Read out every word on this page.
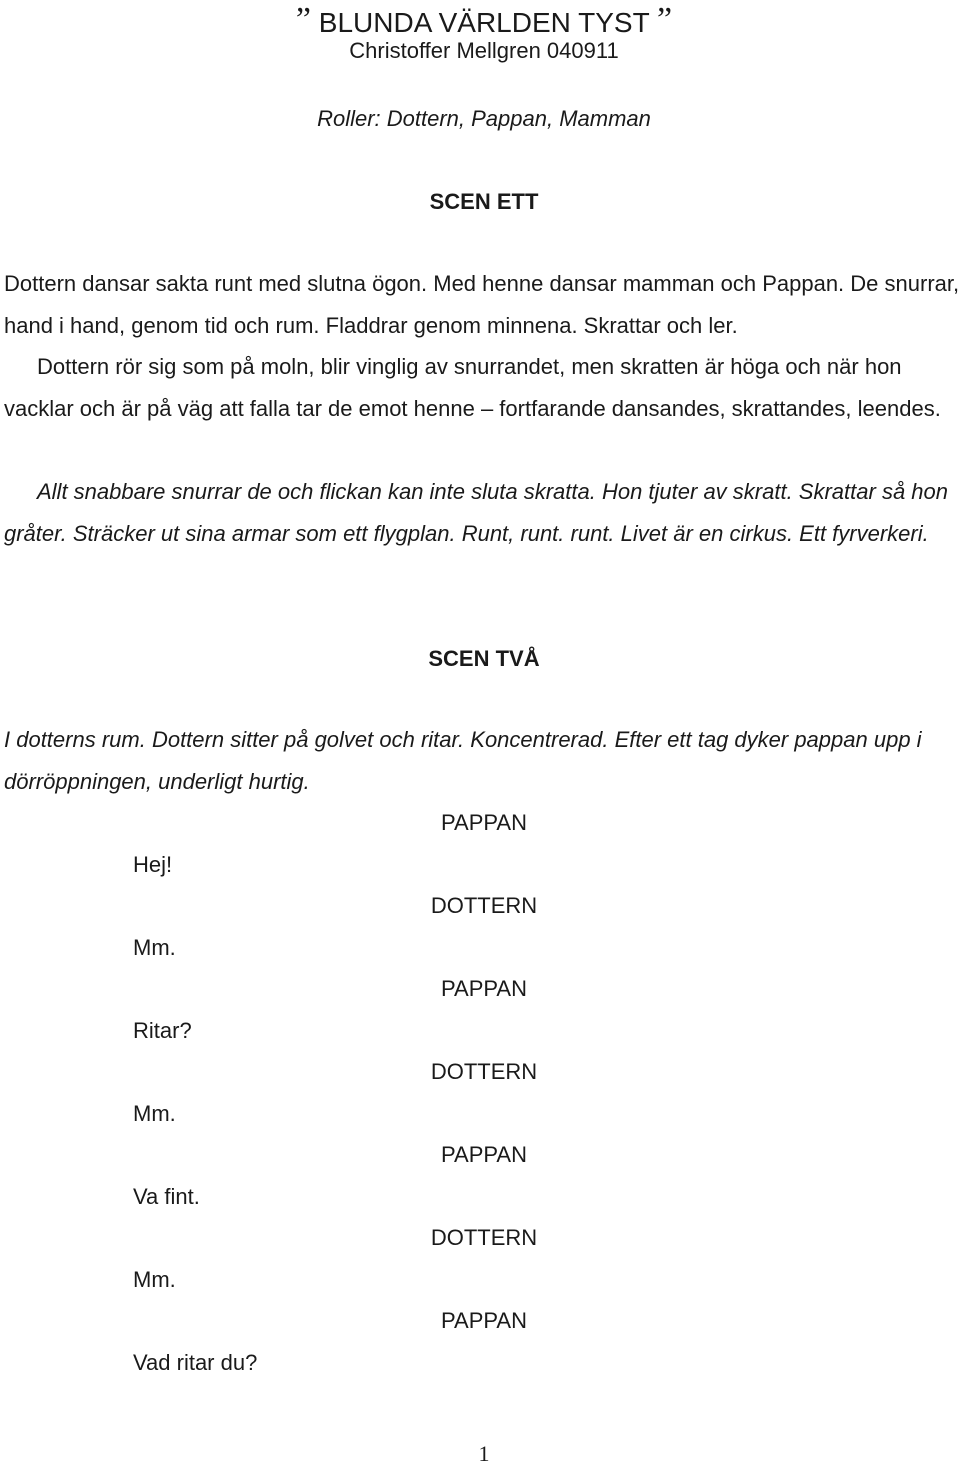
” BLUNDA VÄRLDEN TYST ”
Christoffer Mellgren 040911
Roller: Dottern, Pappan, Mamman
SCEN ETT
Dottern dansar sakta runt med slutna ögon. Med henne dansar mamman och Pappan. De snurrar, hand i hand, genom tid och rum. Fladdrar genom minnena. Skrattar och ler.
Dottern rör sig som på moln, blir vinglig av snurrandet, men skratten är höga och när hon vacklar och är på väg att falla tar de emot henne – fortfarande dansandes, skrattandes, leendes.
Allt snabbare snurrar de och flickan kan inte sluta skratta. Hon tjuter av skratt. Skrattar så hon gråter. Sträcker ut sina armar som ett flygplan. Runt, runt. runt. Livet är en cirkus. Ett fyrverkeri.
SCEN TVÅ
I dotterns rum. Dottern sitter på golvet och ritar. Koncentrerad. Efter ett tag dyker pappan upp i dörröppningen, underligt hurtig.
PAPPAN
Hej!
DOTTERN
Mm.
PAPPAN
Ritar?
DOTTERN
Mm.
PAPPAN
Va fint.
DOTTERN
Mm.
PAPPAN
Vad ritar du?
1
